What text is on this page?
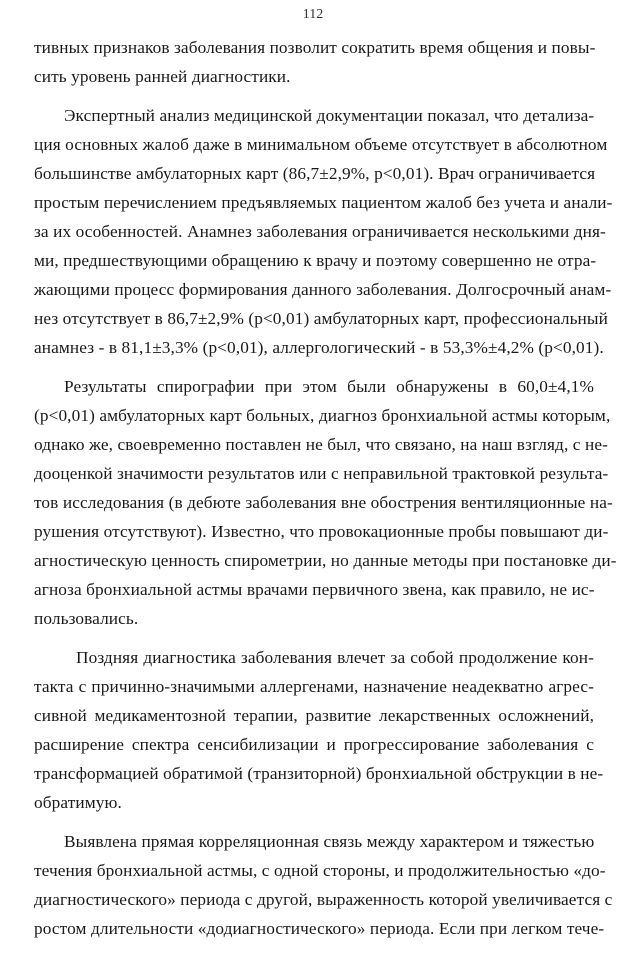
112
тивных признаков заболевания позволит сократить время общения и повы-
сить уровень ранней диагностики.
Экспертный анализ медицинской документации показал, что детализа-
ция основных жалоб даже в минимальном объеме отсутствует в абсолютном
большинстве амбулаторных карт (86,7±2,9%, р<0,01). Врач ограничивается
простым перечислением предъявляемых пациентом жалоб без учета и анали-
за их особенностей. Анамнез заболевания ограничивается несколькими дня-
ми, предшествующими обращению к врачу и поэтому совершенно не отра-
жающими процесс формирования данного заболевания. Долгосрочный анам-
нез отсутствует в 86,7±2,9% (р<0,01) амбулаторных карт, профессиональный
анамнез - в 81,1±3,3% (р<0,01), аллергологический - в 53,3%±4,2% (р<0,01).
Результаты спирографии при этом были обнаружены в 60,0±4,1%
(р<0,01) амбулаторных карт больных, диагноз бронхиальной астмы которым,
однако же, своевременно поставлен не был, что связано, на наш взгляд, с не-
дооценкой значимости результатов или с неправильной трактовкой результа-
тов исследования (в дебюте заболевания вне обострения вентиляционные на-
рушения отсутствуют). Известно, что провокационные пробы повышают ди-
агностическую ценность спирометрии, но данные методы при постановке ди-
агноза бронхиальной астмы врачами первичного звена, как правило, не ис-
пользовались.
Поздняя диагностика заболевания влечет за собой продолжение кон-
такта с причинно-значимыми аллергенами, назначение неадекватно агрес-
сивной медикаментозной терапии, развитие лекарственных осложнений,
расширение спектра сенсибилизации и прогрессирование заболевания с
трансформацией обратимой (транзиторной) бронхиальной обструкции в не-
обратимую.
Выявлена прямая корреляционная связь между характером и тяжестью
течения бронхиальной астмы, с одной стороны, и продолжительностью «до-
диагностического» периода с другой, выраженность которой увеличивается с
ростом длительности «додиагностического» периода. Если при легком тече-
